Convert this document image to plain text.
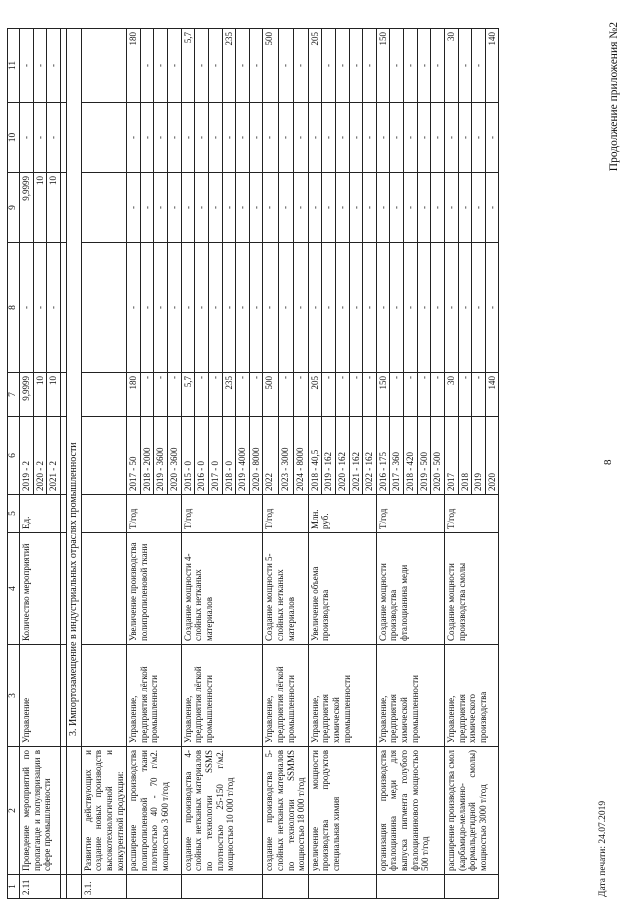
8
Продолжение приложения №2
Дата печати: 24.07.2019
1	2	3	4	5	6	7	8	9	10	11
2.11	Проведение мероприятий по пропаганде и популяризации в сфере промышленности	Управление	Количество мероприятий	Ед.	2019 - 2	9,9999	-	9,9999	-	-
					2020 - 2	10	-	10	-	-
					2021 - 2	10	-	10	-	-

		3. Импортозамещение в индустриальных отраслях промышленности								
3.1.	Развитие действующих и создание новых производств высокотехнологичной и конкурентной продукции:									
	расширение производства полипропиленовой ткани плотностью 40 - 70 г/м2. мощностью 3 600 т/год	Управление, предприятия лёгкой промышленности	Увеличение производства полипропиленовой ткани	Т/год	2017 - 50	180	-	-	-	180
					2018 - 2000	-	-	-	-	-
					2019 - 3600	-	-	-	-	-
					2020 - 3600	-	-	-	-	-
	создание производства 4-слойных нетканых материалов по технологии SSMS плотностью 25-150 г/м2. мощностью 10 000 т/год	Управление, предприятия лёгкой промышленности	Создание мощности 4-слойных нетканых материалов	Т/год	2015 - 0	5,7	-	-	-	5,7
					2016 - 0	-	-	-	-	-
					2017 - 0	-	-	-	-	-
					2018 - 0	235	-	-	-	235
					2019 - 4000	-	-	-	-	-
					2020 - 8000	-	-	-	-	-
	создание производства 5-слойных нетканых материалов по технологии SSMMS мощностью 18 000 т/год	Управление, предприятия лёгкой промышленности	Создание мощности 5-слойных нетканых материалов	Т/год	2022	500	-	-	-	500
					2023 - 3000	-	-	-	-	-
					2024 - 8000	-	-	-	-	-
	увеличение мощности производства продуктов специальная химия	Управление, предприятия химической промышленности	Увеличение объема производства	Млн. руб.	2018 - 40,5	205	-	-	-	205
					2019 - 162	-	-	-	-	-
					2020 - 162	-	-	-	-	-
					2021 - 162	-	-	-	-	-
					2022 - 162	-	-	-	-	-
	организация производства фталоцианина меди для выпуска пигмента голубого фталоцианинового мощностью 500 т/год	Управление, предприятия химической промышленности	Создание мощности производства фталоцианина меди	Т/год	2016 - 175	150	-	-	-	150
					2017 - 360	-	-	-	-	-
					2018 - 420	-	-	-	-	-
					2019 - 500	-	-	-	-	-
					2020 - 500	-	-	-	-	-
	расширение производства смол (карбамидо-меламино-формальдегидной смолы) мощностью 3000 т/год	Управление, предприятия химического производства	Создание мощности производства смолы	Т/год	2017	30	-	-	-	30
					2018	-	-	-	-	-
					2019	-	-	-	-	-
					2020	140	-	-	-	140
